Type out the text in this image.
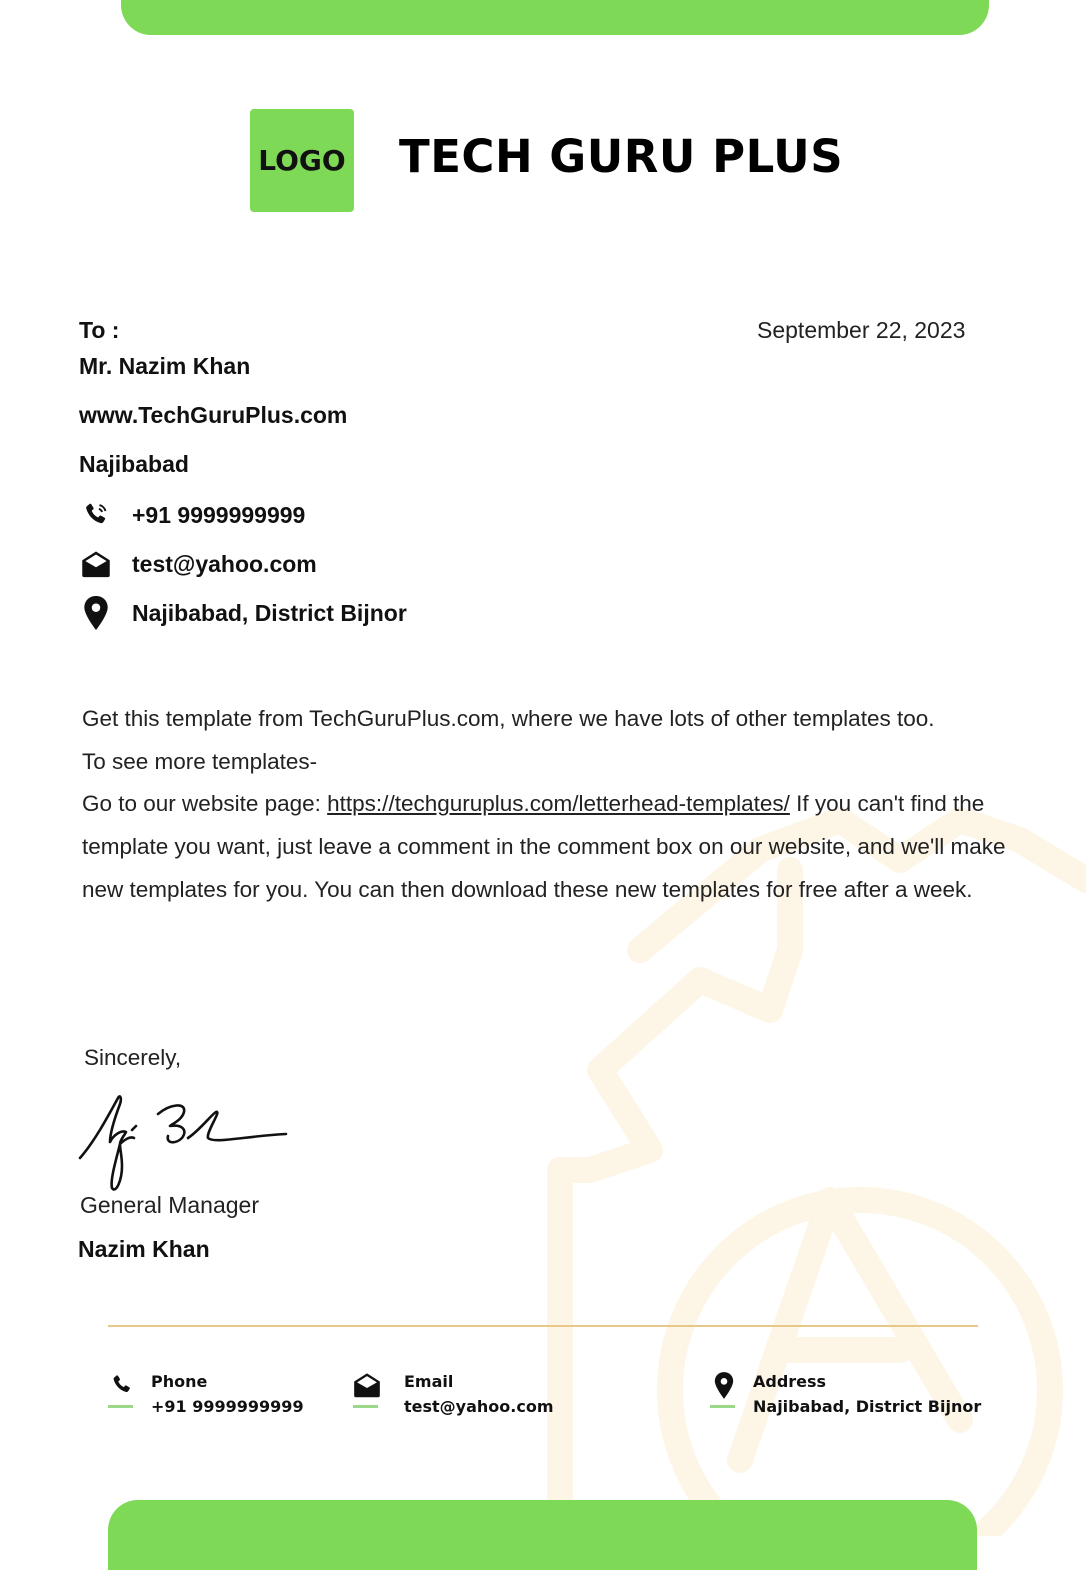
LOGO TECH GURU PLUS
To :	September 22, 2023
Mr. Nazim Khan
www.TechGuruPlus.com
Najibabad
+91 9999999999
test@yahoo.com
Najibabad, District Bijnor

Get this template from TechGuruPlus.com, where we have lots of other templates too.

To see more templates-

Go to our website page: https://techguruplus.com/letterhead-templates/ If you can't find the template you want, just leave a comment in the comment box on our website, and we'll make new templates for you. You can then download these new templates for free after a week.

Sincerely,
General Manager
Nazim Khan
Phone
+91 9999999999
Email
test@yahoo.com
Address
Najibabad, District Bijnor
